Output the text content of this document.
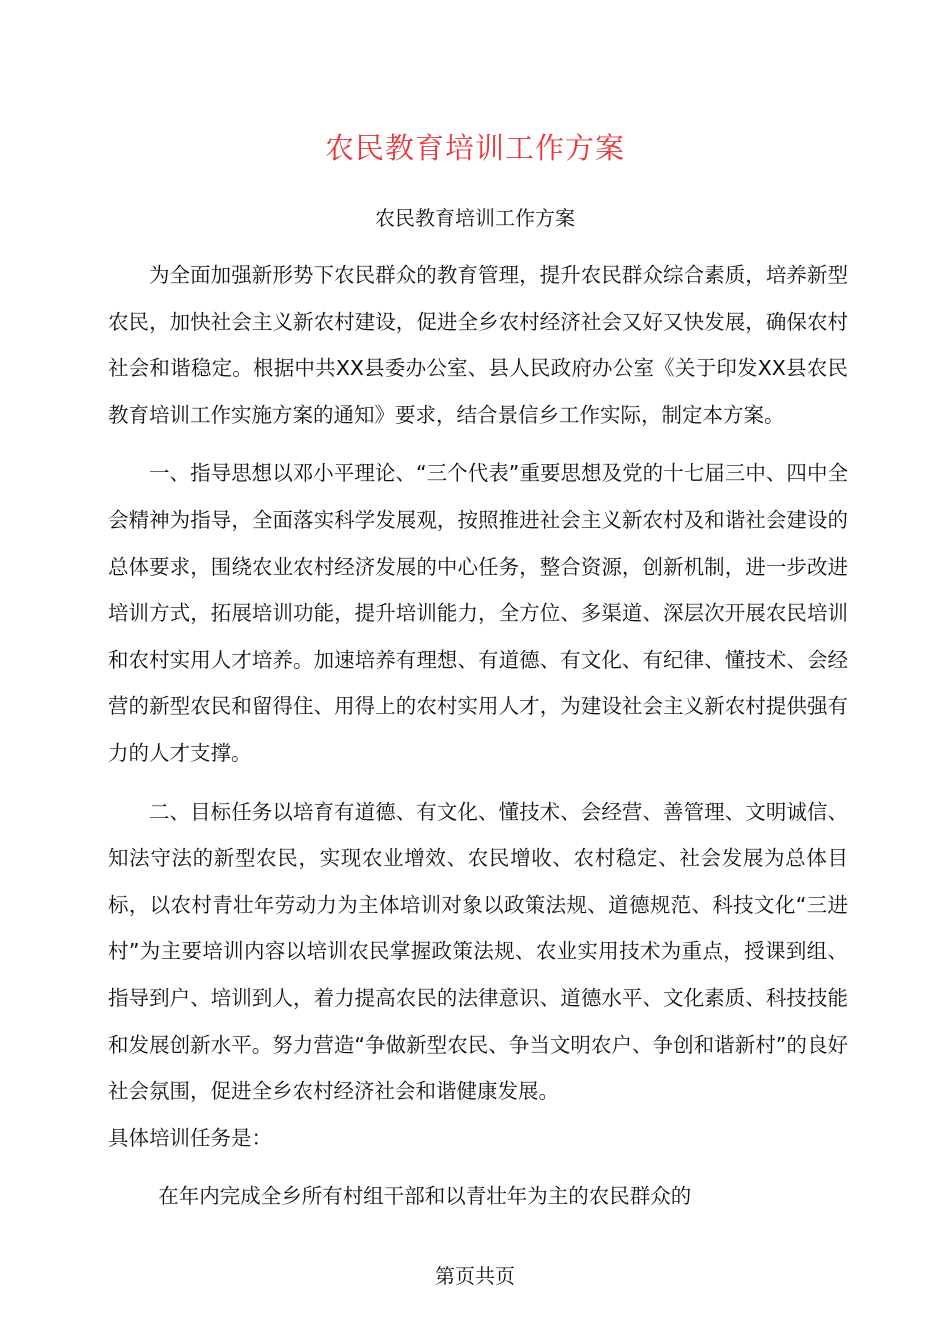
农民教育培训工作方案
农民教育培训工作方案

为全面加强新形势下农民群众的教育管理，提升农民群众综合素质，培养新型农民，加快社会主义新农村建设，促进全乡农村经济社会又好又快发展，确保农村社会和谐稳定。根据中共XX县委办公室、县人民政府办公室《关于印发XX县农民教育培训工作实施方案的通知》要求，结合景信乡工作实际，制定本方案。

一、指导思想以邓小平理论、“三个代表”重要思想及党的十七届三中、四中全会精神为指导，全面落实科学发展观，按照推进社会主义新农村及和谐社会建设的总体要求，围绕农业农村经济发展的中心任务，整合资源，创新机制，进一步改进培训方式，拓展培训功能，提升培训能力，全方位、多渠道、深层次开展农民培训和农村实用人才培养。加速培养有理想、有道德、有文化、有纪律、懂技术、会经营的新型农民和留得住、用得上的农村实用人才，为建设社会主义新农村提供强有力的人才支撑。

二、目标任务以培育有道德、有文化、懂技术、会经营、善管理、文明诚信、知法守法的新型农民，实现农业增效、农民增收、农村稳定、社会发展为总体目标，以农村青壮年劳动力为主体培训对象以政策法规、道德规范、科技文化“三进村”为主要培训内容以培训农民掌握政策法规、农业实用技术为重点，授课到组、指导到户、培训到人，着力提高农民的法律意识、道德水平、文化素质、科技技能和发展创新水平。努力营造“争做新型农民、争当文明农户、争创和谐新村”的良好社会氛围，促进全乡农村经济社会和谐健康发展。

具体培训任务是：

在年内完成全乡所有村组干部和以青壮年为主的农民群众的

第页共页
